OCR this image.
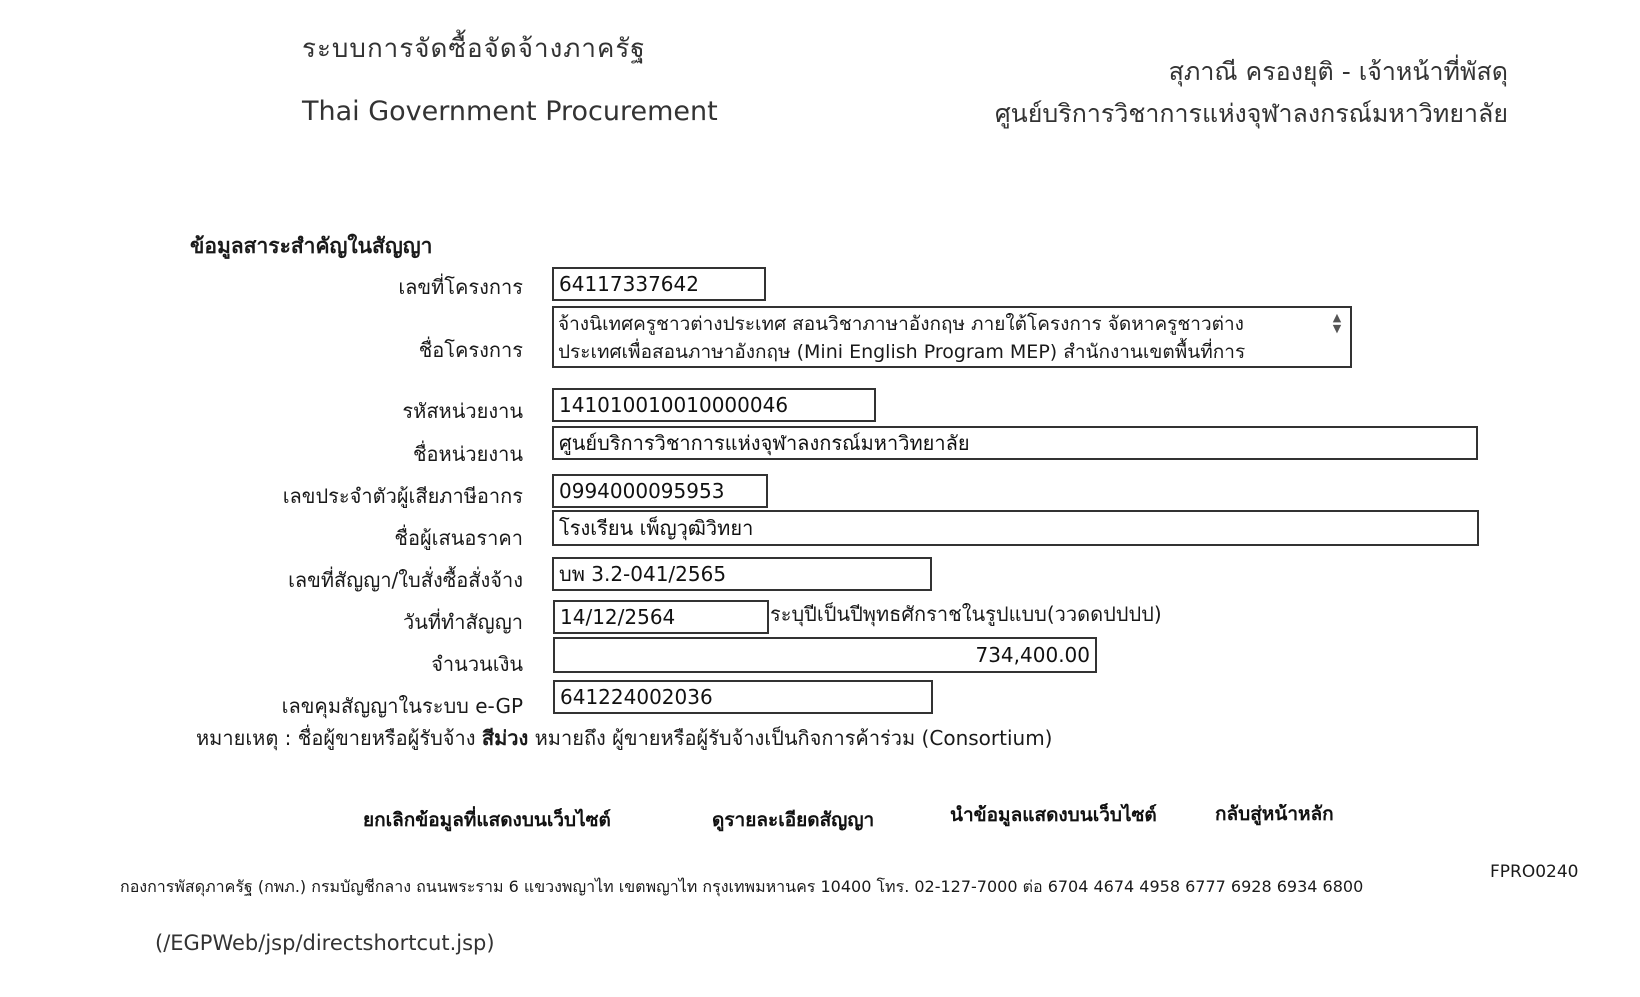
ระบบการจัดซื้อจัดจ้างภาครัฐ
Thai Government Procurement
สุภาณี ครองยุติ - เจ้าหน้าที่พัสดุ
ศูนย์บริการวิชาการแห่งจุฬาลงกรณ์มหาวิทยาลัย
ข้อมูลสาระสำคัญในสัญญา
เลขที่โครงการ
64117337642
ชื่อโครงการ
จ้างนิเทศครูชาวต่างประเทศ สอนวิชาภาษาอังกฤษ ภายใต้โครงการ จัดหาครูชาวต่าง ประเทศเพื่อสอนภาษาอังกฤษ (Mini English Program MEP) สำนักงานเขตพื้นที่การ
▲
▼
รหัสหน่วยงาน
141010010010000046
ชื่อหน่วยงาน
ศูนย์บริการวิชาการแห่งจุฬาลงกรณ์มหาวิทยาลัย
เลขประจำตัวผู้เสียภาษีอากร
0994000095953
ชื่อผู้เสนอราคา
โรงเรียน เพ็ญวุฒิวิทยา
เลขที่สัญญา/ใบสั่งซื้อสั่งจ้าง
บพ 3.2-041/2565
วันที่ทำสัญญา
14/12/2564	ระบุปีเป็นปีพุทธศักราชในรูปแบบ(ววดดปปปป)
จำนวนเงิน
734,400.00
เลขคุมสัญญาในระบบ e-GP
641224002036
หมายเหตุ : ชื่อผู้ขายหรือผู้รับจ้าง สีม่วง หมายถึง ผู้ขายหรือผู้รับจ้างเป็นกิจการค้าร่วม (Consortium)
ยกเลิกข้อมูลที่แสดงบนเว็บไซต์	ดูรายละเอียดสัญญา	นำข้อมูลแสดงบนเว็บไซต์	กลับสู่หน้าหลัก
กองการพัสดุภาครัฐ (กพภ.) กรมบัญชีกลาง ถนนพระราม 6 แขวงพญาไท เขตพญาไท กรุงเทพมหานคร 10400 โทร. 02-127-7000 ต่อ 6704 4674 4958 6777 6928 6934 6800
FPRO0240
(/EGPWeb/jsp/directshortcut.jsp)
